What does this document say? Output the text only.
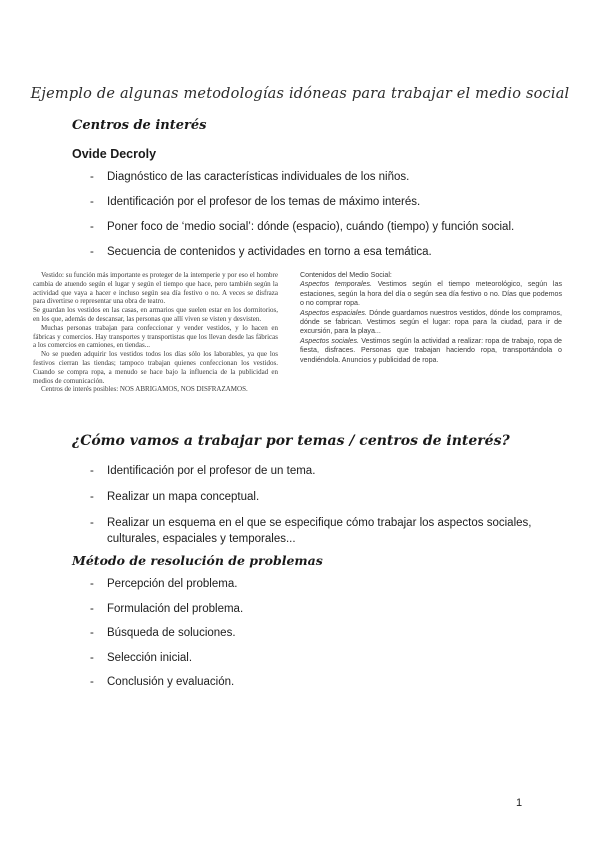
Ejemplo de algunas metodologías idóneas para trabajar el medio social
Centros de interés
Ovide Decroly
- Diagnóstico de las características individuales de los niños.
- Identificación por el profesor de los temas de máximo interés.
- Poner foco de ‘medio social’: dónde (espacio), cuándo (tiempo) y función social.
- Secuencia de contenidos y actividades en torno a esa temática.

Vestido: su función más importante es proteger de la intemperie y por eso el hombre cambia de atuendo según el lugar y según el tiempo que hace, pero también según la actividad que vaya a hacer e incluso según sea día festivo o no. A veces se disfraza para divertirse o representar una obra de teatro.

Se guardan los vestidos en las casas, en armarios que suelen estar en los dormitorios, en los que, además de descansar, las personas que allí viven se visten y desvisten.

Muchas personas trabajan para confeccionar y vender vestidos, y lo hacen en fábricas y comercios. Hay transportes y transportistas que los llevan desde las fábricas a los comercios en camiones, en tiendas...

No se pueden adquirir los vestidos todos los días sólo los laborables, ya que los festivos cierran las tiendas; tampoco trabajan quienes confeccionan los vestidos. Cuando se compra ropa, a menudo se hace bajo la influencia de la publicidad en medios de comunicación.

Centros de interés posibles: NOS ABRIGAMOS, NOS DISFRAZAMOS.

Contenidos del Medio Social:

Aspectos temporales. Vestimos según el tiempo meteorológico, según las estaciones, según la hora del día o según sea día festivo o no. Días que podemos o no comprar ropa.

Aspectos espaciales. Dónde guardamos nuestros vestidos, dónde los compramos, dónde se fabrican. Vestimos según el lugar: ropa para la ciudad, para ir de excursión, para la playa...

Aspectos sociales. Vestimos según la actividad a realizar: ropa de trabajo, ropa de fiesta, disfraces. Personas que trabajan haciendo ropa, transportándola o vendiéndola. Anuncios y publicidad de ropa.

¿Cómo vamos a trabajar por temas / centros de interés?
- Identificación por el profesor de un tema.
- Realizar un mapa conceptual.
- Realizar un esquema en el que se especifique cómo trabajar los aspectos sociales, culturales, espaciales y temporales...
Método de resolución de problemas
- Percepción del problema.
- Formulación del problema.
- Búsqueda de soluciones.
- Selección inicial.
- Conclusión y evaluación.
1
